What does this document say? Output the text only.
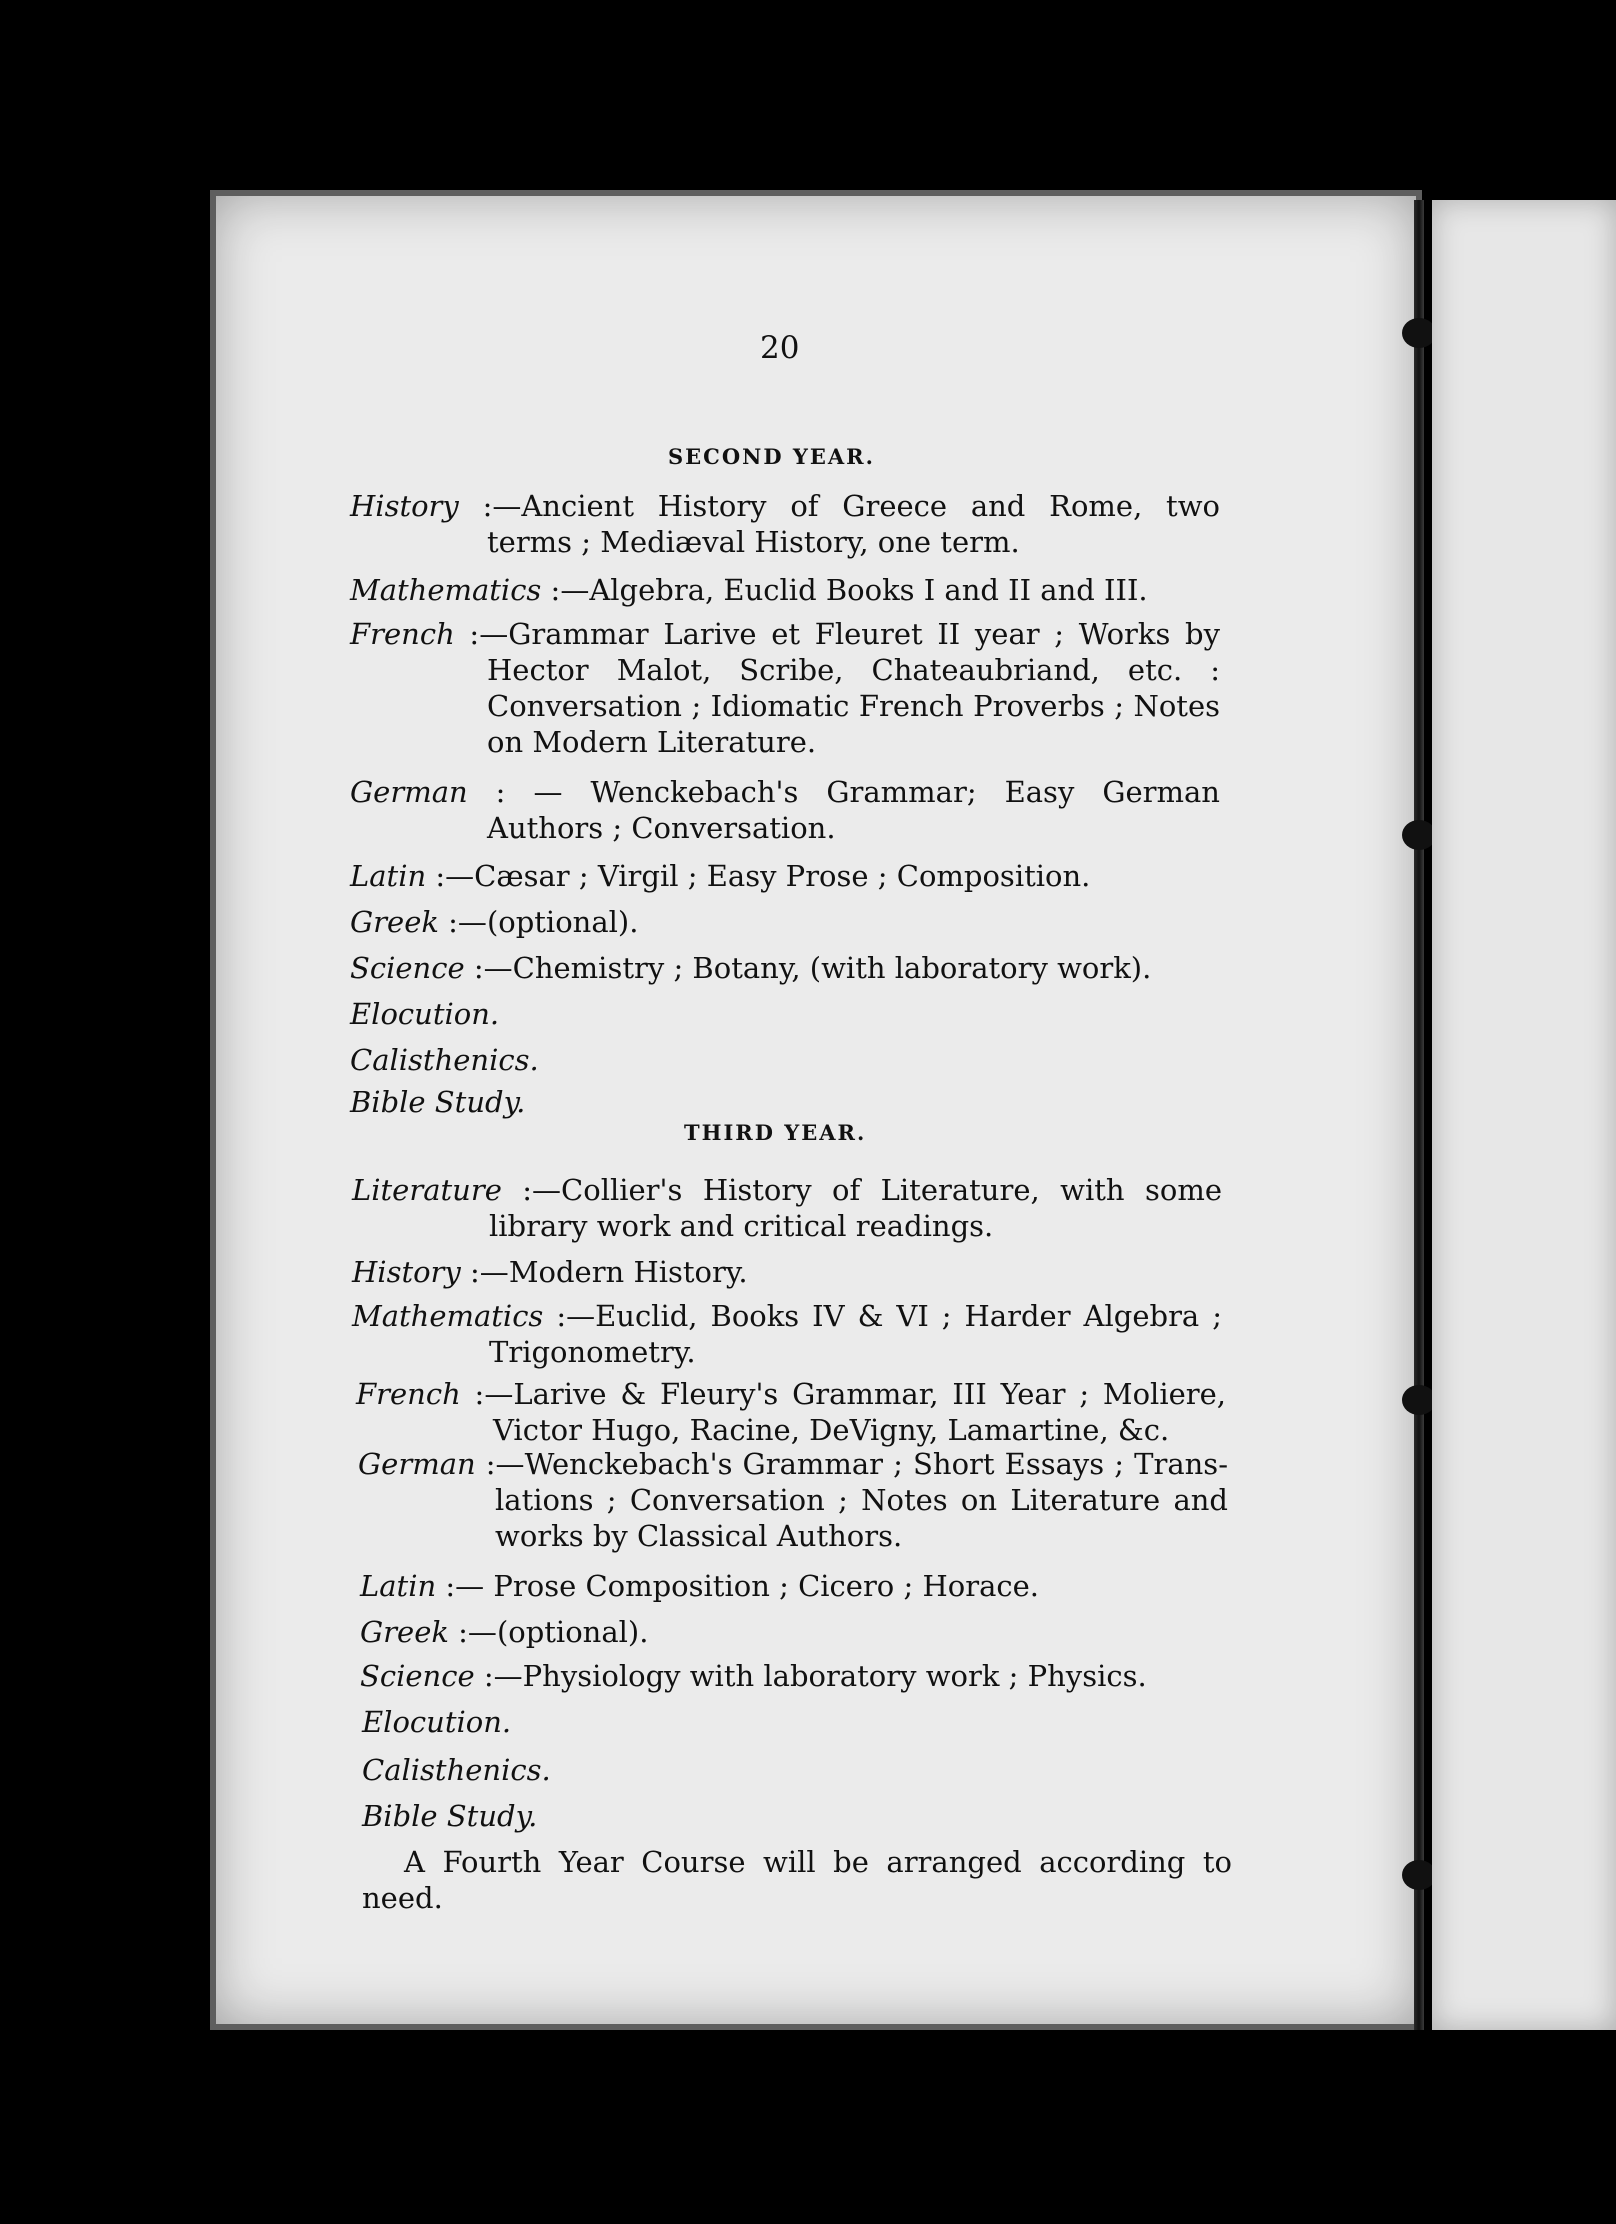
20
SECOND YEAR.
History :—Ancient History of Greece and Rome, two
terms ; Mediæval History, one term.
Mathematics :—Algebra, Euclid Books I and II and III.
French :—Grammar Larive et Fleuret II year ; Works by
Hector Malot, Scribe, Chateaubriand, etc. :
Conversation ; Idiomatic French Proverbs ; Notes
on Modern Literature.
German : — Wenckebach's Grammar; Easy German
Authors ; Conversation.
Latin :—Cæsar ; Virgil ; Easy Prose ; Composition.
Greek :—(optional).
Science :—Chemistry ; Botany, (with laboratory work).
Elocution.
Calisthenics.
Bible Study.
THIRD YEAR.
Literature :—Collier's History of Literature, with some
library work and critical readings.
History :—Modern History.
Mathematics :—Euclid, Books IV & VI ; Harder Algebra ;
Trigonometry.
French :—Larive & Fleury's Grammar, III Year ; Moliere,
Victor Hugo, Racine, DeVigny, Lamartine, &c.
German :—Wenckebach's Grammar ; Short Essays ; Trans-
lations ; Conversation ; Notes on Literature and
works by Classical Authors.
Latin :— Prose Composition ; Cicero ; Horace.
Greek :—(optional).
Science :—Physiology with laboratory work ; Physics.
Elocution.
Calisthenics.
Bible Study.
A Fourth Year Course will be arranged according to
need.
